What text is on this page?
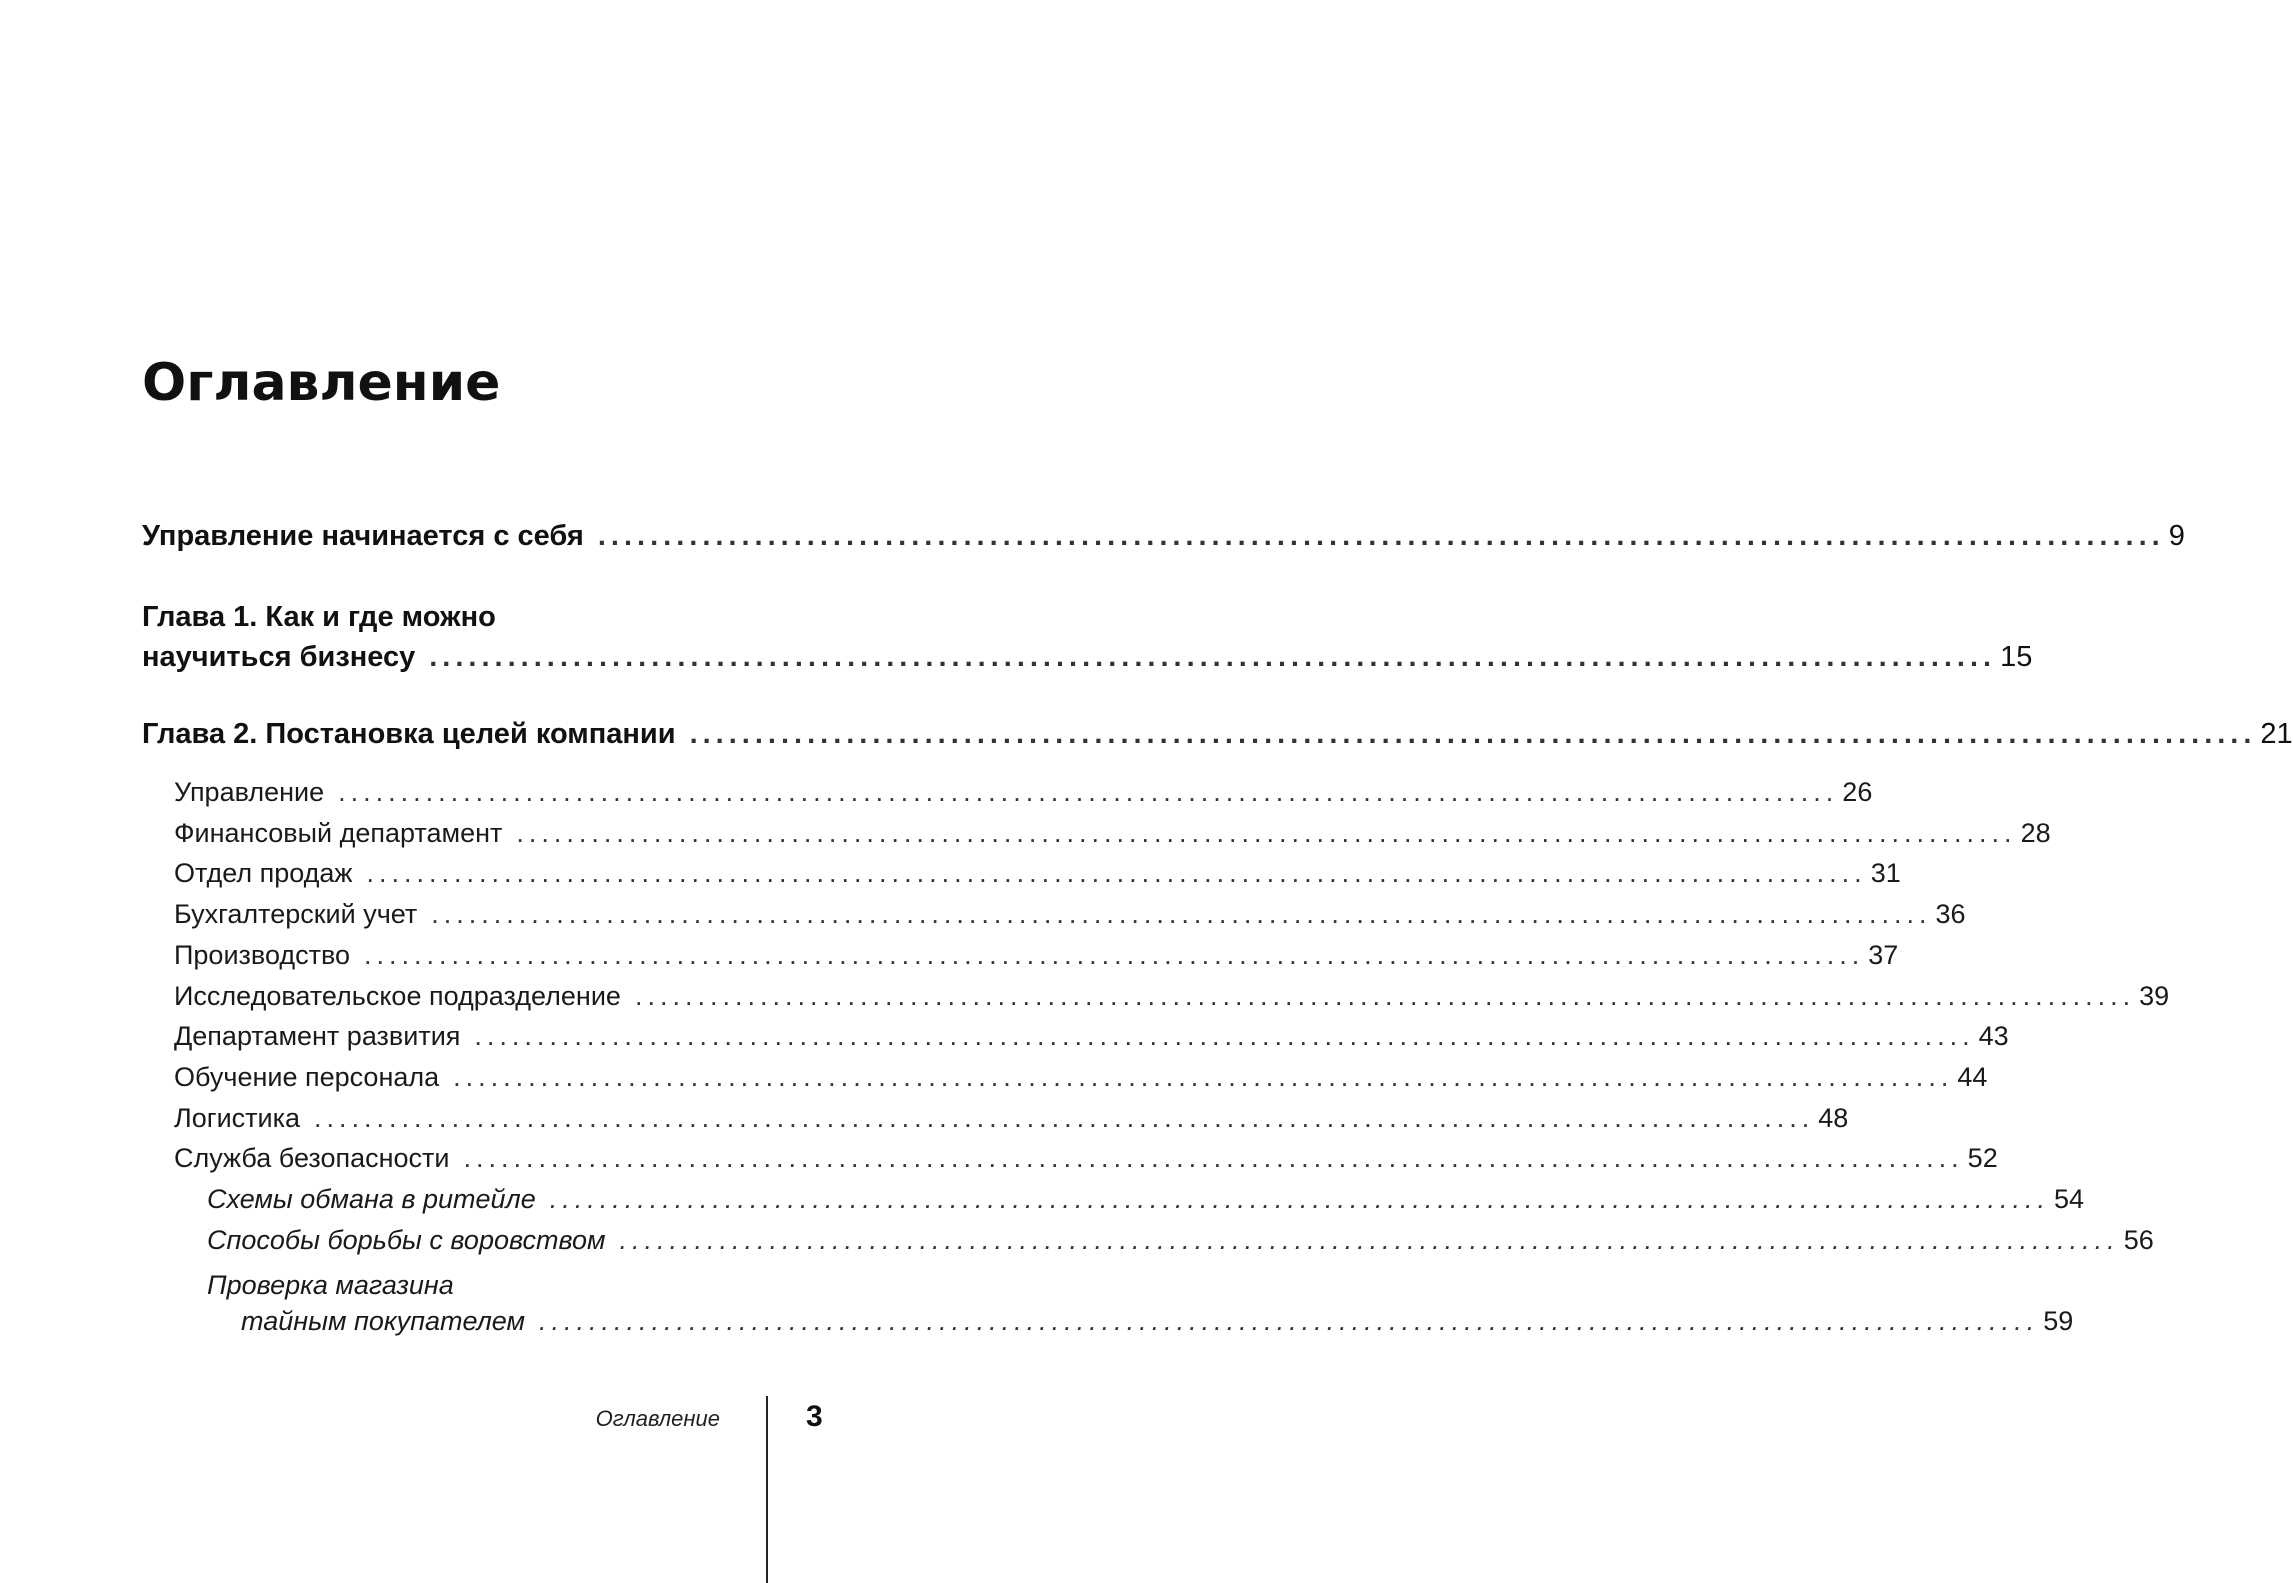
Оглавление
Управление начинается с себя ........................................................................................................................ 9
Глава 1. Как и где можно
научиться бизнесу ........................................................................................................................ 15
Глава 2. Постановка целей компании ........................................................................................................................ 21
Управление ........................................................................................................................ 26
Финансовый департамент ........................................................................................................................ 28
Отдел продаж ........................................................................................................................ 31
Бухгалтерский учет ........................................................................................................................ 36
Производство ........................................................................................................................ 37
Исследовательское подразделение ........................................................................................................................ 39
Департамент развития ........................................................................................................................ 43
Обучение персонала ........................................................................................................................ 44
Логистика ........................................................................................................................ 48
Служба безопасности ........................................................................................................................ 52
Схемы обмана в ритейле ........................................................................................................................ 54
Способы борьбы с воровством ........................................................................................................................ 56
Проверка магазина
тайным покупателем ........................................................................................................................ 59
Оглавление	3
